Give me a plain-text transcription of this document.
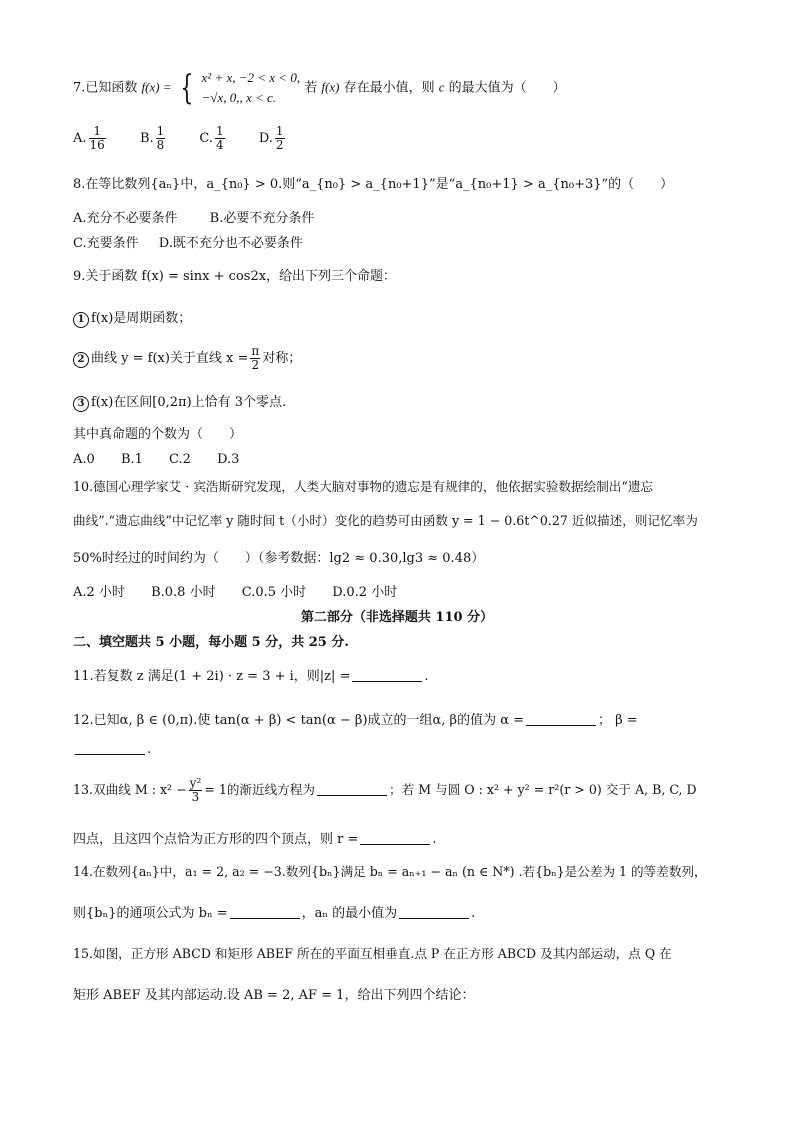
7.已知函数 f(x) = { x² + x, −2 < x < 0,
−√x, 0,, x < c.
若 f(x) 存在最小值，则 c 的最大值为（　　）
A. $\frac{1}{16}$	B. $\frac{1}{8}$	C. $\frac{1}{4}$	D. $\frac{1}{2}$
8.在等比数列{aₙ}中，a_{n₀} > 0.则“a_{n₀} > a_{n₀+1}”是“a_{n₀+1} > a_{n₀+3}”的（　　）
A.充分不必要条件 B.必要不充分条件
C.充要条件 D.既不充分也不必要条件
9.关于函数 f(x) = sinx + cos2x，给出下列三个命题：
1 f(x)是周期函数；
2 曲线 y = f(x)关于直线 $x = \frac{\pi}{2}$ 对称；
3 f(x)在区间[0,2π)上恰有 3个零点.
其中真命题的个数为（　　）
A.0 B.1 C.2 D.3
10.德国心理学家艾 · 宾浩斯研究发现，人类大脑对事物的遗忘是有规律的，他依据实验数据绘制出“遗忘
曲线”.“遗忘曲线”中记忆率 y 随时间 t（小时）变化的趋势可由函数 y = 1 − 0.6t^0.27 近似描述，则记忆率为
50%时经过的时间约为（　　）（参考数据：lg2 ≈ 0.30,lg3 ≈ 0.48）
A.2 小时 B.0.8 小时 C.0.5 小时 D.0.2 小时
第二部分（非选择题共 110 分）
二、填空题共 5 小题，每小题 5 分，共 25 分.
11.若复数 z 满足(1 + 2i) · z = 3 + i，则|z| =	.
12.已知α, β ∈ (0,π).使 tan(α + β) < tan(α − β)成立的一组α, β的值为 α =	； β =
.
13.双曲线 M : $x^2 - \frac{\text{y²}}{3} = 1$的渐近线方程为	；若 M 与圆 O : x² + y² = r²(r > 0) 交于 A, B, C, D
四点，且这四个点恰为正方形的四个顶点，则 r =	.
14.在数列{aₙ}中，a₁ = 2, a₂ = −3.数列{bₙ}满足 bₙ = aₙ₊₁ − aₙ (n ∈ N*) .若{bₙ}是公差为 1 的等差数列，
则{bₙ}的通项公式为 bₙ =	，aₙ 的最小值为	.
15.如图，正方形 ABCD 和矩形 ABEF 所在的平面互相垂直.点 P 在正方形 ABCD 及其内部运动，点 Q 在
矩形 ABEF 及其内部运动.设 AB = 2, AF = 1，给出下列四个结论：
